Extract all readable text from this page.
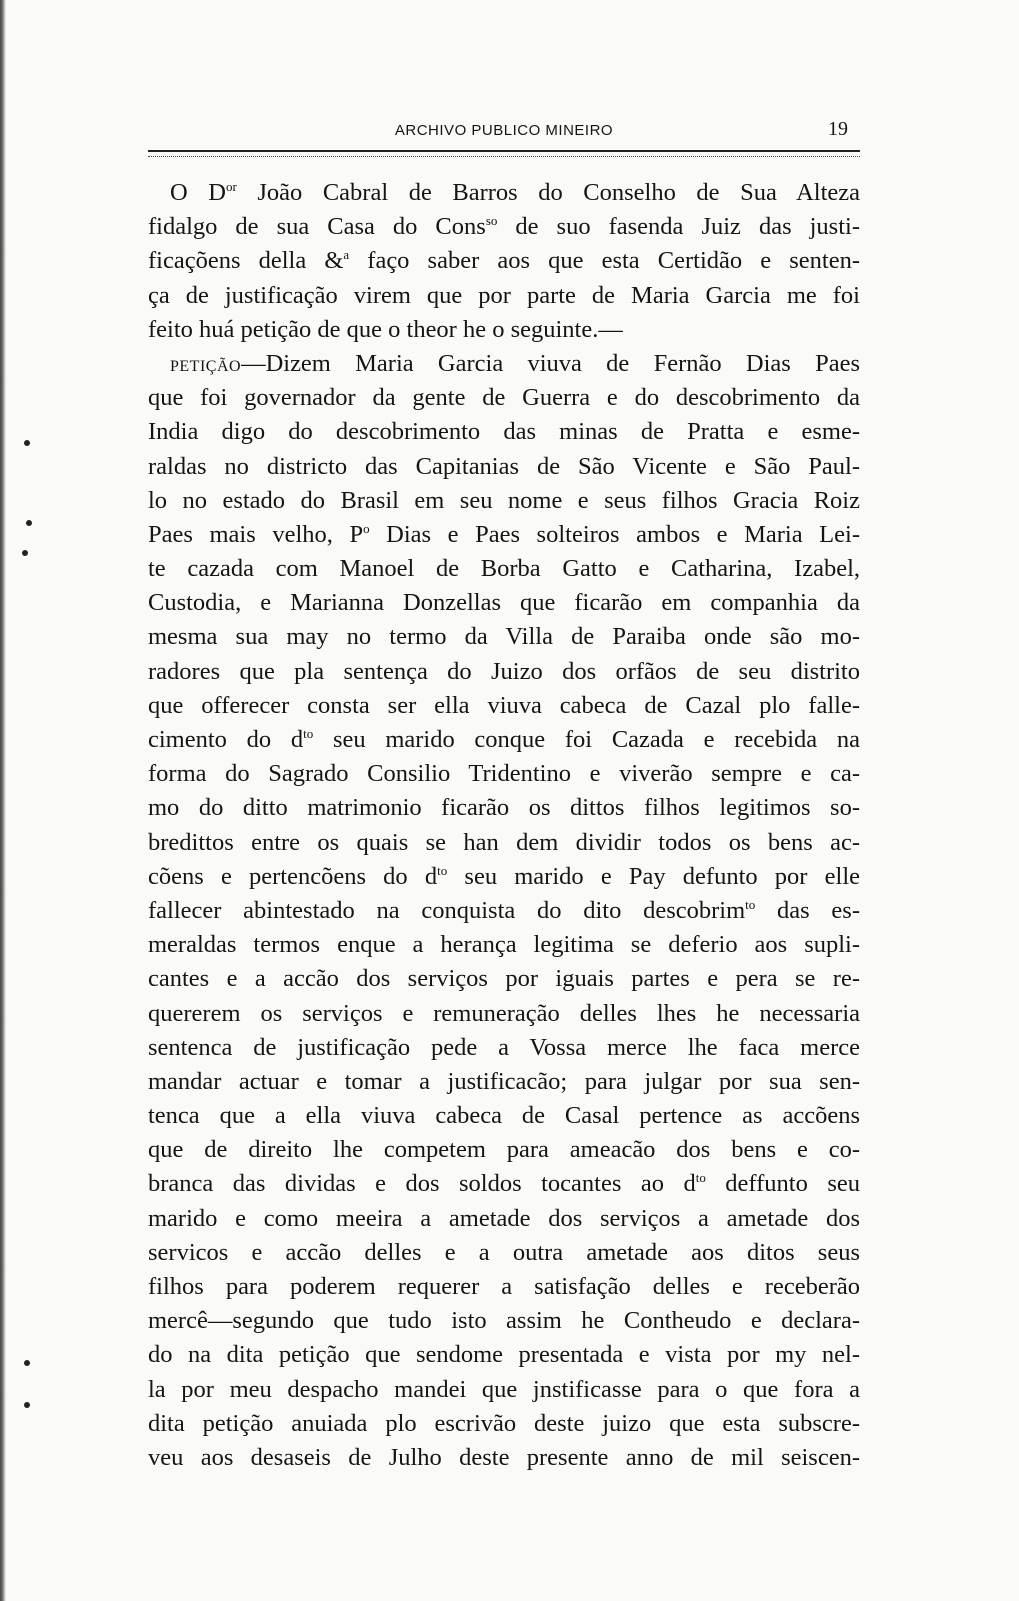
ARCHIVO PUBLICO MINEIRO	19
O $D^{or}$ João Cabral de Barros do Conselho de Sua Alteza
fidalgo de sua Casa do Cons$^{so}$ de suo fasenda Juiz das justi-
ficaçõens della &$^a$ faço saber aos que esta Certidão e senten-
ça de justificação virem que por parte de Maria Garcia me foi
feito huá petição de que o theor he o seguinte.—
PETIÇÃO—Dizem Maria Garcia viuva de Fernão Dias Paes
que foi governador da gente de Guerra e do descobrimento da
India digo do descobrimento das minas de Pratta e esme-
raldas no districto das Capitanias de São Vicente e São Paul-
lo no estado do Brasil em seu nome e seus filhos Gracia Roiz
Paes mais velho, $P^o$ Dias e Paes solteiros ambos e Maria Lei-
te cazada com Manoel de Borba Gatto e Catharina, Izabel,
Custodia, e Marianna Donzellas que ficarão em companhia da
mesma sua may no termo da Villa de Paraiba onde são mo-
radores que pla sentença do Juizo dos orfãos de seu distrito
que offerecer consta ser ella viuva cabeca de Cazal plo falle-
cimento do $d^{to}$ seu marido conque foi Cazada e recebida na
forma do Sagrado Consilio Tridentino e viverão sempre e ca-
mo do ditto matrimonio ficarão os dittos filhos legitimos so-
bredittos entre os quais se han dem dividir todos os bens ac-
cõens e pertencõens do $d^{to}$ seu marido e Pay defunto por elle
fallecer abintestado na conquista do dito descobrim$^{to}$ das es-
meraldas termos enque a herança legitima se deferio aos supli-
cantes e a accão dos serviços por iguais partes e pera se re-
quererem os serviços e remuneração delles lhes he necessaria
sentenca de justificação pede a Vossa merce lhe faca merce
mandar actuar e tomar a justificacão; para julgar por sua sen-
tenca que a ella viuva cabeca de Casal pertence as accõens
que de direito lhe competem para ameacão dos bens e co-
branca das dividas e dos soldos tocantes ao $d^{to}$ deffunto seu
marido e como meeira a ametade dos serviços a ametade dos
servicos e accão delles e a outra ametade aos ditos seus
filhos para poderem requerer a satisfação delles e receberão
mercê—segundo que tudo isto assim he Contheudo e declara-
do na dita petição que sendome presentada e vista por my nel-
la por meu despacho mandei que jnstificasse para o que fora a
dita petição anuiada plo escrivão deste juizo que esta subscre-
veu aos desaseis de Julho deste presente anno de mil seiscen-
